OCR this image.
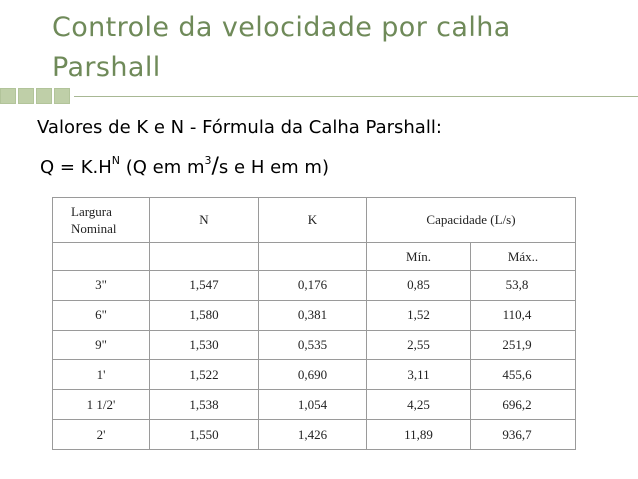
Controle da velocidade por calha Parshall
Valores de K e N - Fórmula da Calha Parshall:
$Q = K.H^N$ (Q em $m^3/s$ e H em m)
Largura
Nominal	N	K	Capacidade (L/s)	
			Mín.	Máx..
3"	1,547	0,176	0,85	53,8
6"	1,580	0,381	1,52	110,4
9"	1,530	0,535	2,55	251,9
1'	1,522	0,690	3,11	455,6
1 1/2'	1,538	1,054	4,25	696,2
2'	1,550	1,426	11,89	936,7
